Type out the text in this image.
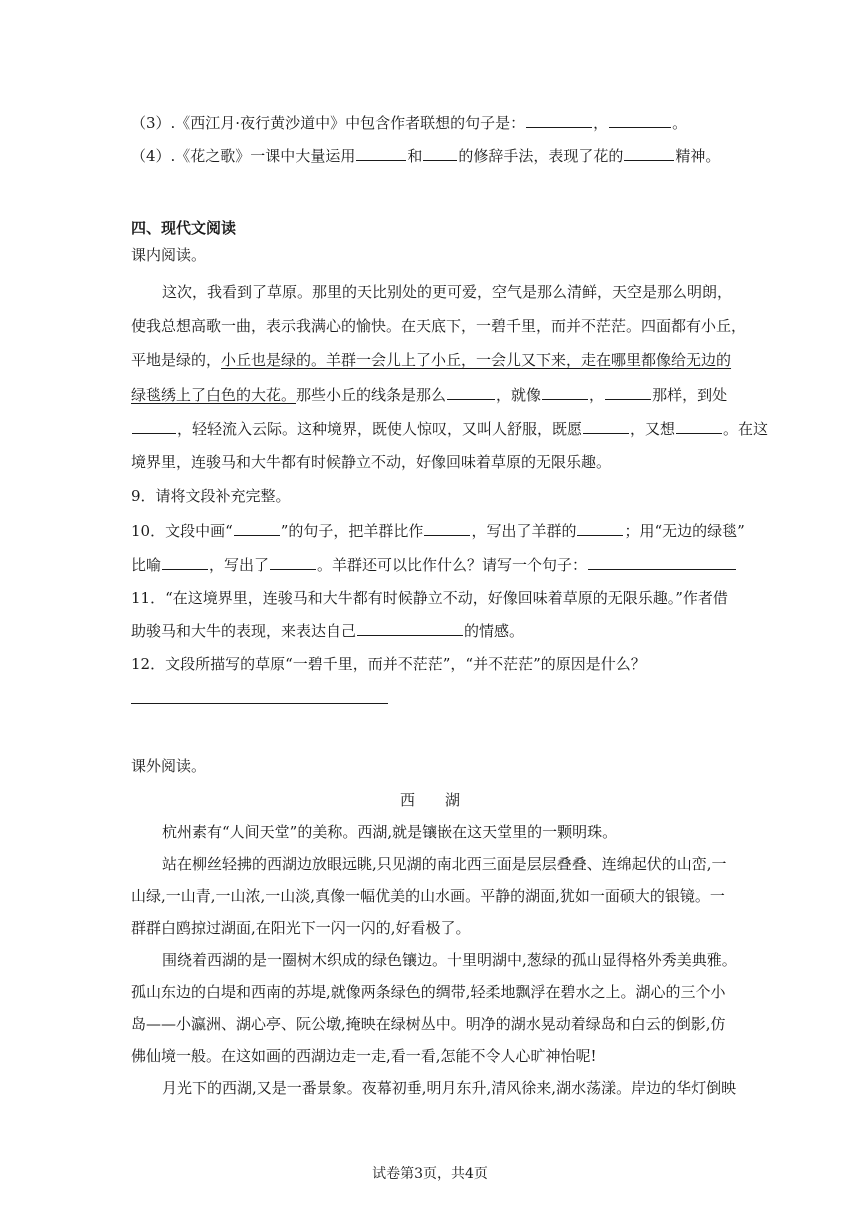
（3）.《西江月·夜行黄沙道中》中包含作者联想的句子是：	，	。
（4）.《花之歌》一课中大量运用	和 的修辞手法，表现了花的	精神。
四、现代文阅读
课内阅读。
这次，我看到了草原。那里的天比别处的更可爱，空气是那么清鲜，天空是那么明朗，
使我总想高歌一曲，表示我满心的愉快。在天底下，一碧千里，而并不茫茫。四面都有小丘，
平地是绿的，小丘也是绿的。羊群一会儿上了小丘，一会儿又下来，走在哪里都像给无边的
绿毯绣上了白色的大花。那些小丘的线条是那么	，就像	，	那样，到处
，轻轻流入云际。这种境界，既使人惊叹，又叫人舒服，既愿	，又想	。在这
境界里，连骏马和大牛都有时候静立不动，好像回味着草原的无限乐趣。
9．请将文段补充完整。
10．文段中画“	”的句子，把羊群比作	，写出了羊群的	；用“无边的绿毯”
比喻	，写出了	。羊群还可以比作什么？请写一个句子：
11．“在这境界里，连骏马和大牛都有时候静立不动，好像回味着草原的无限乐趣。”作者借
助骏马和大牛的表现，来表达自己	的情感。
12．文段所描写的草原“一碧千里，而并不茫茫”，“并不茫茫”的原因是什么？
课外阅读。
西　　湖
杭州素有“人间天堂”的美称。西湖,就是镶嵌在这天堂里的一颗明珠。
站在柳丝轻拂的西湖边放眼远眺,只见湖的南北西三面是层层叠叠、连绵起伏的山峦,一
山绿,一山青,一山浓,一山淡,真像一幅优美的山水画。平静的湖面,犹如一面硕大的银镜。一
群群白鸥掠过湖面,在阳光下一闪一闪的,好看极了。
围绕着西湖的是一圈树木织成的绿色镶边。十里明湖中,葱绿的孤山显得格外秀美典雅。
孤山东边的白堤和西南的苏堤,就像两条绿色的绸带,轻柔地飘浮在碧水之上。湖心的三个小
岛——小瀛洲、湖心亭、阮公墩,掩映在绿树丛中。明净的湖水晃动着绿岛和白云的倒影,仿
佛仙境一般。在这如画的西湖边走一走,看一看,怎能不令人心旷神怡呢!
月光下的西湖,又是一番景象。夜幕初垂,明月东升,清风徐来,湖水荡漾。岸边的华灯倒映
试卷第3页，共4页
